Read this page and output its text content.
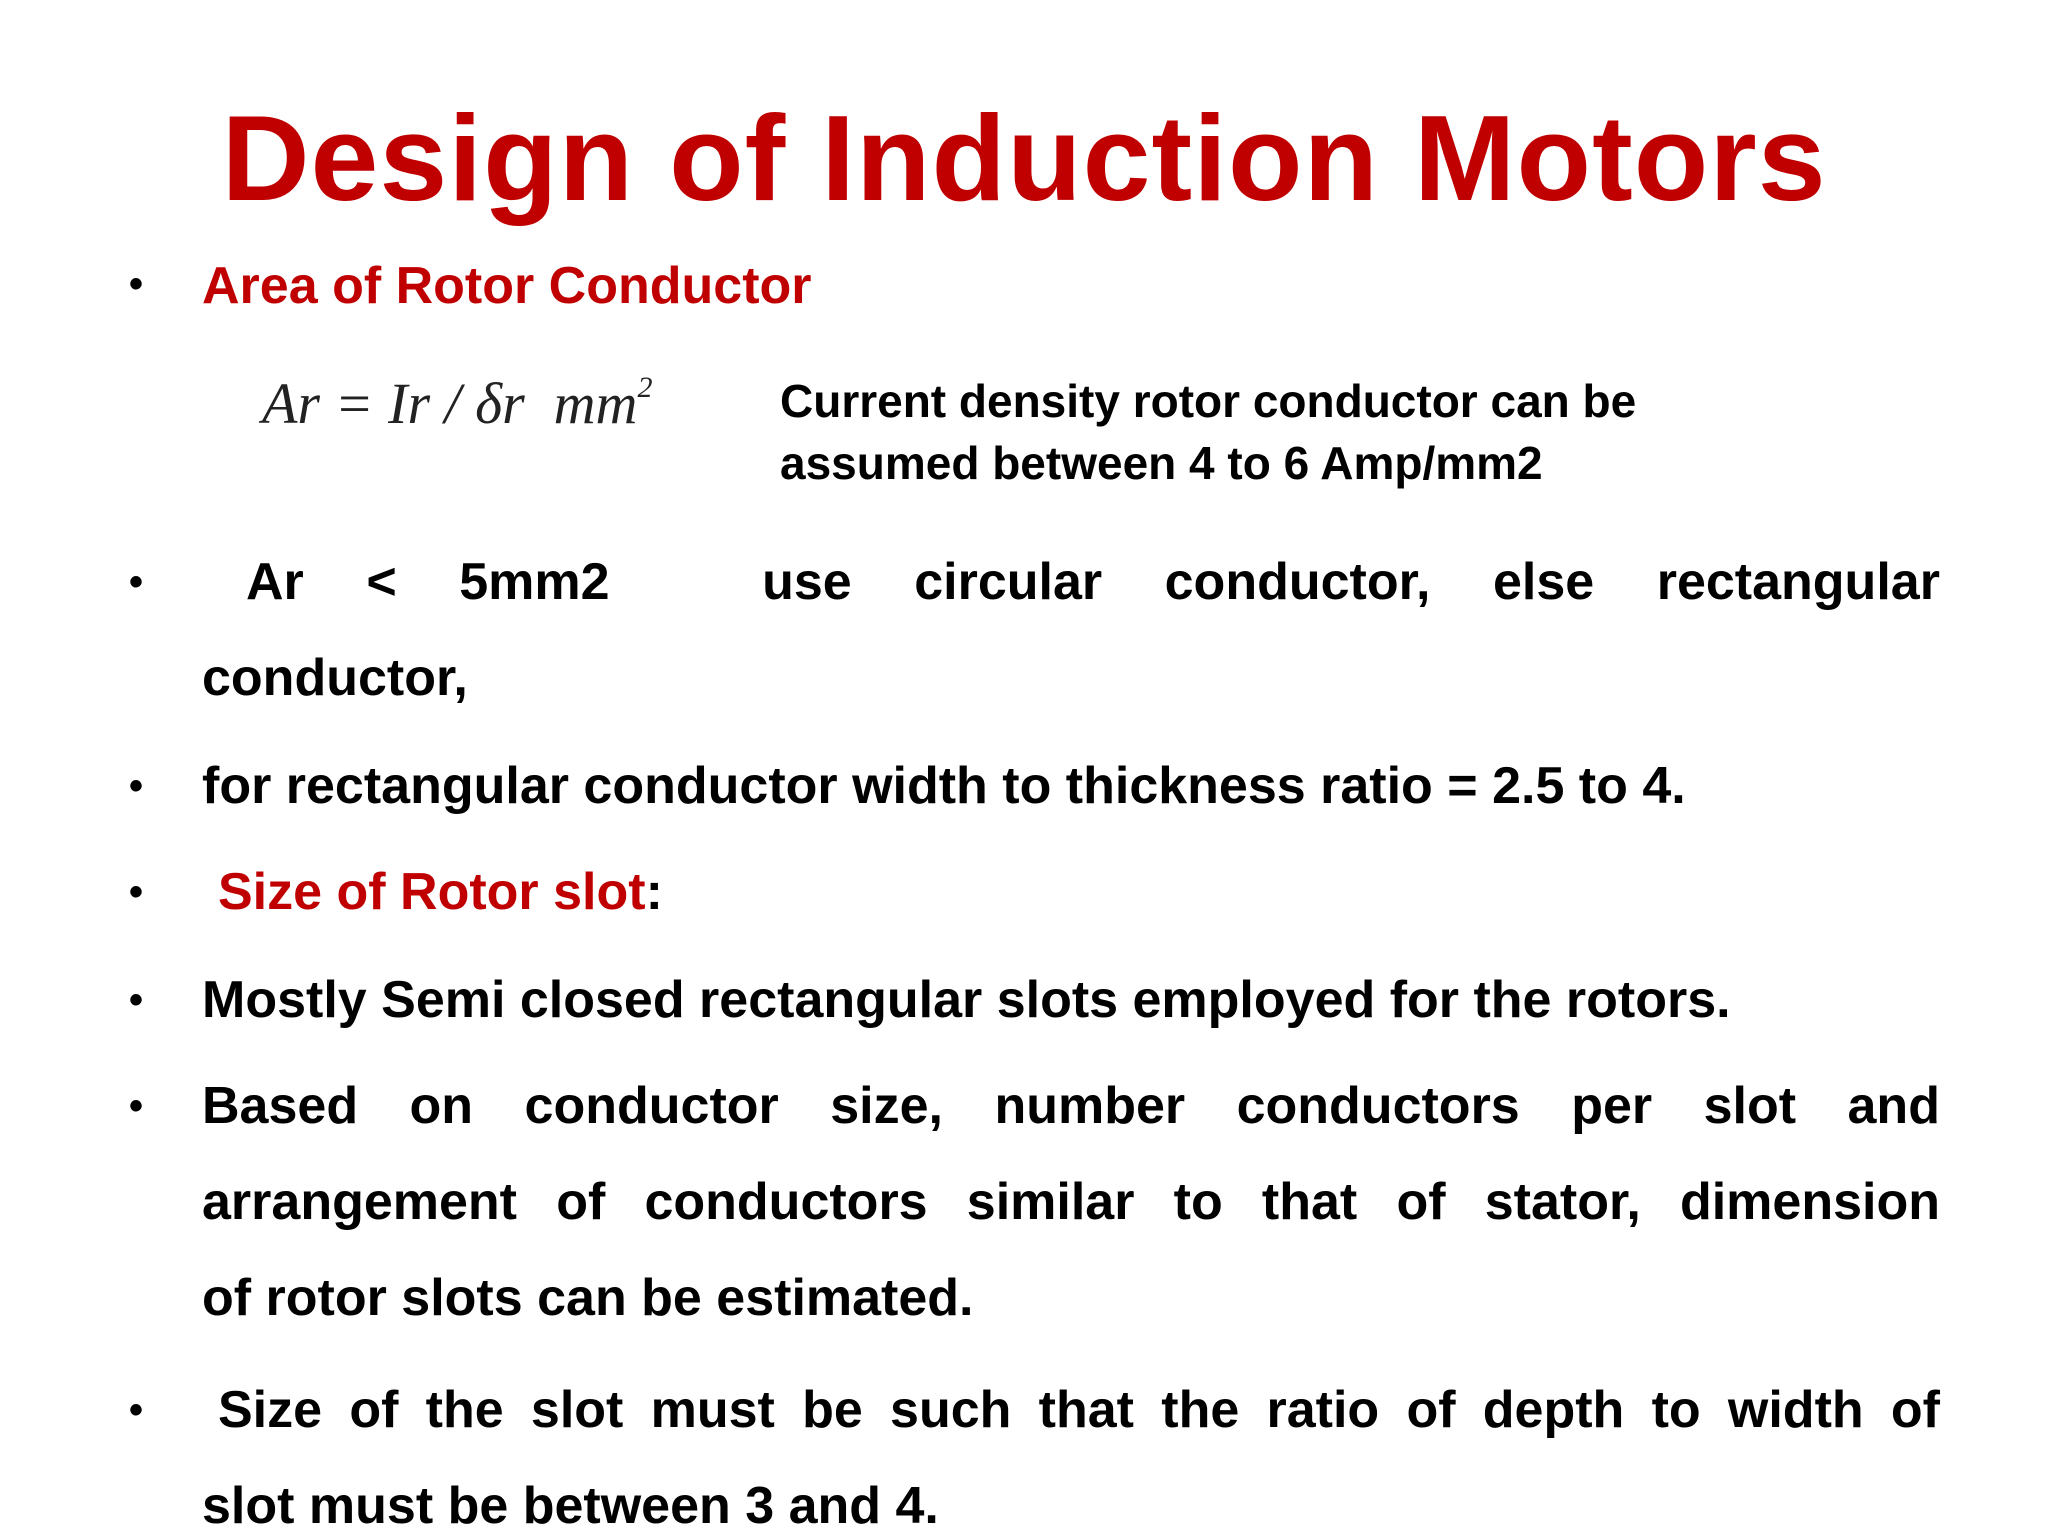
Design of Induction Motors
• Area of Rotor Conductor
Ar = Ir / δr $mm^2$	Current density rotor conductor can be
assumed between 4 to 6 Amp/mm2
• Ar < 5mm2	use circular conductor, else rectangular
conductor,
• for rectangular conductor width to thickness ratio = 2.5 to 4.
• Size of Rotor slot:
• Mostly Semi closed rectangular slots employed for the rotors.
• Based on conductor size, number conductors per slot and
arrangement of conductors similar to that of stator, dimension
of rotor slots can be estimated.
• Size of the slot must be such that the ratio of depth to width of
slot must be between 3 and 4.
